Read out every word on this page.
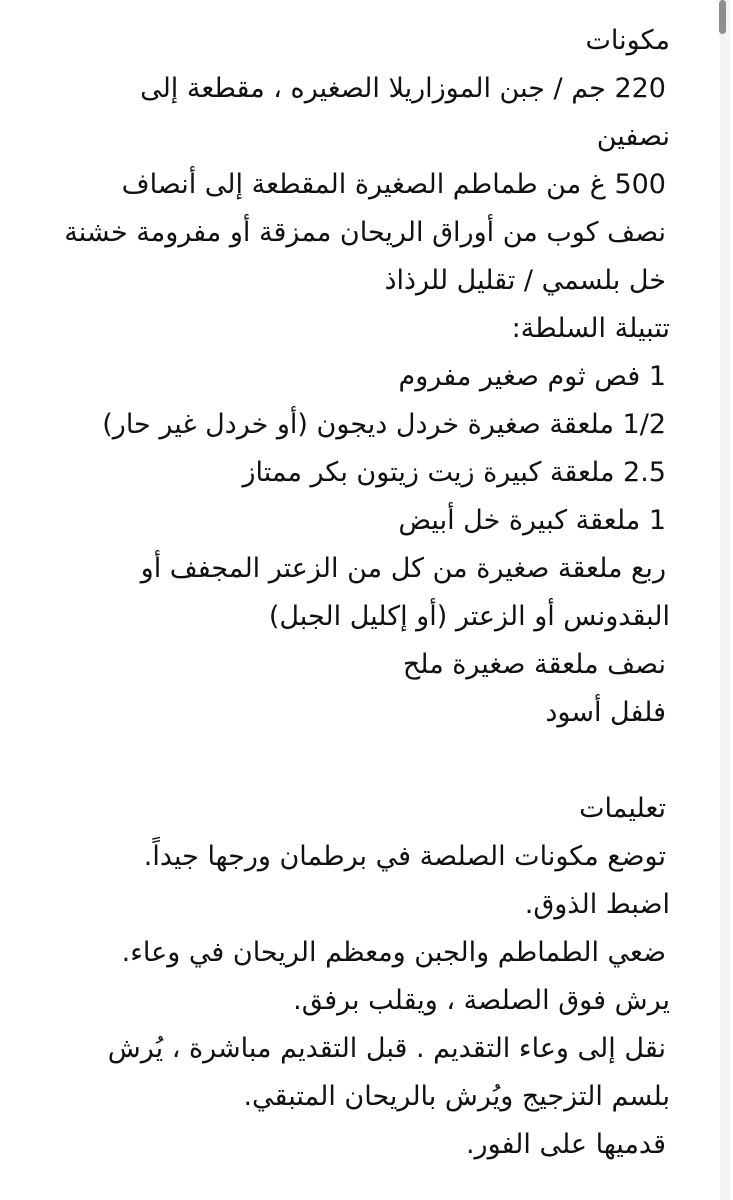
مكونات
220 جم / جبن الموزاريلا الصغيره ، مقطعة إلى
نصفين
500 غ من طماطم الصغيرة المقطعة إلى أنصاف
نصف كوب من أوراق الريحان ممزقة أو مفرومة خشنة
خل بلسمي / تقليل للرذاذ
تتبيلة السلطة:
1 فص ثوم صغير مفروم
1/2 ملعقة صغيرة خردل ديجون (أو خردل غير حار)
2.5 ملعقة كبيرة زيت زيتون بكر ممتاز
1 ملعقة كبيرة خل أبيض
ربع ملعقة صغيرة من كل من الزعتر المجفف أو
البقدونس أو الزعتر (أو إكليل الجبل)
نصف ملعقة صغيرة ملح
فلفل أسود
تعليمات
توضع مكونات الصلصة في برطمان ورجها جيداً.
اضبط الذوق.
ضعي الطماطم والجبن ومعظم الريحان في وعاء.
يرش فوق الصلصة ، ويقلب برفق.
نقل إلى وعاء التقديم . قبل التقديم مباشرة ، يُرش
بلسم التزجيج ويُرش بالريحان المتبقي.
قدميها على الفور.
